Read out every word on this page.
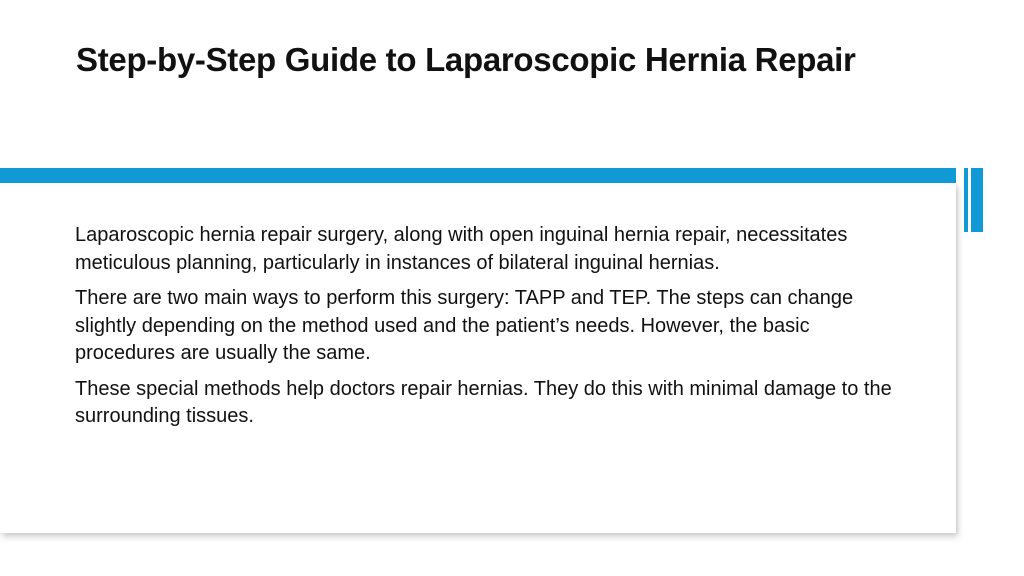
Step-by-Step Guide to Laparoscopic Hernia Repair

Laparoscopic hernia repair surgery, along with open inguinal hernia repair, necessitates meticulous planning, particularly in instances of bilateral inguinal hernias.

There are two main ways to perform this surgery: TAPP and TEP. The steps can change slightly depending on the method used and the patient’s needs. However, the basic procedures are usually the same.

These special methods help doctors repair hernias. They do this with minimal damage to the surrounding tissues.
